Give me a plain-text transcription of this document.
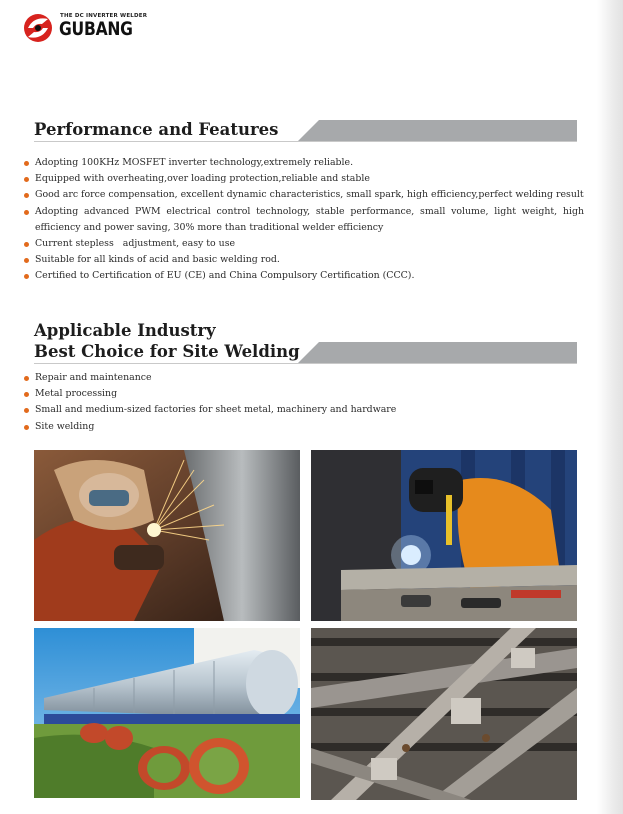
THE DC INVERTER WELDER
GUBANG
Performance and Features
Adopting 100KHz MOSFET inverter technology,extremely reliable.
Equipped with overheating,over loading protection,reliable and stable
Good arc force compensation, excellent dynamic characteristics, small spark, high efficiency,perfect welding result
Adopting advanced PWM electrical control technology, stable performance, small volume, light weight, high efficiency and power saving, 30% more than traditional welder efficiency
Current stepless   adjustment, easy to use
Suitable for all kinds of acid and basic welding rod.
Certified to Certification of EU (CE) and China Compulsory Certification (CCC).
Applicable Industry
Best Choice for Site Welding
Repair and maintenance
Metal processing
Small and medium-sized factories for sheet metal, machinery and hardware
Site welding
